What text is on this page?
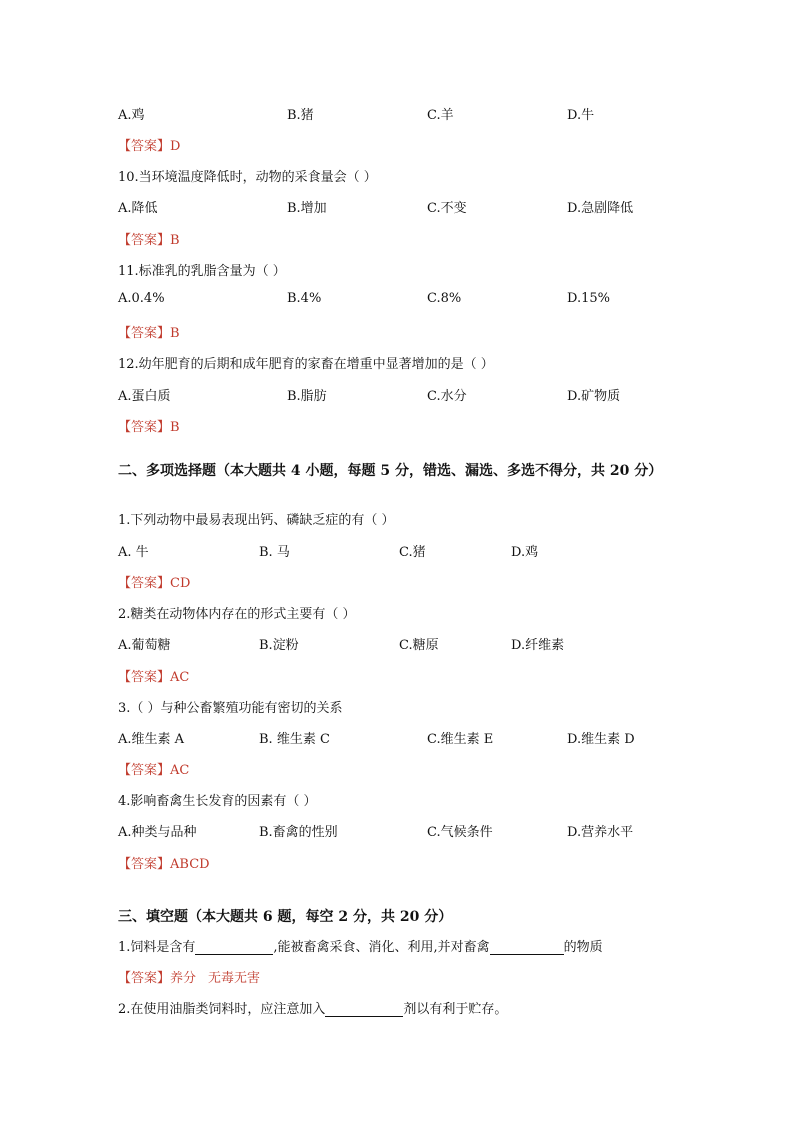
A.鸡	B.猪	C.羊	D.牛
【答案】D
10.当环境温度降低时，动物的采食量会（ ）
A.降低	B.增加	C.不变	D.急剧降低
【答案】B
11.标准乳的乳脂含量为（ ）
A.0.4%	B.4%	C.8%	D.15%
【答案】B
12.幼年肥育的后期和成年肥育的家畜在增重中显著增加的是（ ）
A.蛋白质	B.脂肪	C.水分	D.矿物质
【答案】B
二、多项选择题（本大题共 4 小题，每题 5 分，错选、漏选、多选不得分，共 20 分）
1.下列动物中最易表现出钙、磷缺乏症的有（ ）
A. 牛	B. 马	C.猪	D.鸡
【答案】CD
2.糖类在动物体内存在的形式主要有（ ）
A.葡萄糖	B.淀粉	C.糖原	D.纤维素
【答案】AC
3.（ ）与种公畜繁殖功能有密切的关系
A.维生素 A	B. 维生素 C	C.维生素 E	D.维生素 D
【答案】AC
4.影响畜禽生长发育的因素有（ ）
A.种类与品种	B.畜禽的性别	C.气候条件	D.营养水平
【答案】ABCD
三、填空题（本大题共 6 题，每空 2 分，共 20 分）
1.饲料是含有	,能被畜禽采食、消化、利用,并对畜禽	的物质
【答案】养分 无毒无害
2.在使用油脂类饲料时，应注意加入	剂以有利于贮存。
